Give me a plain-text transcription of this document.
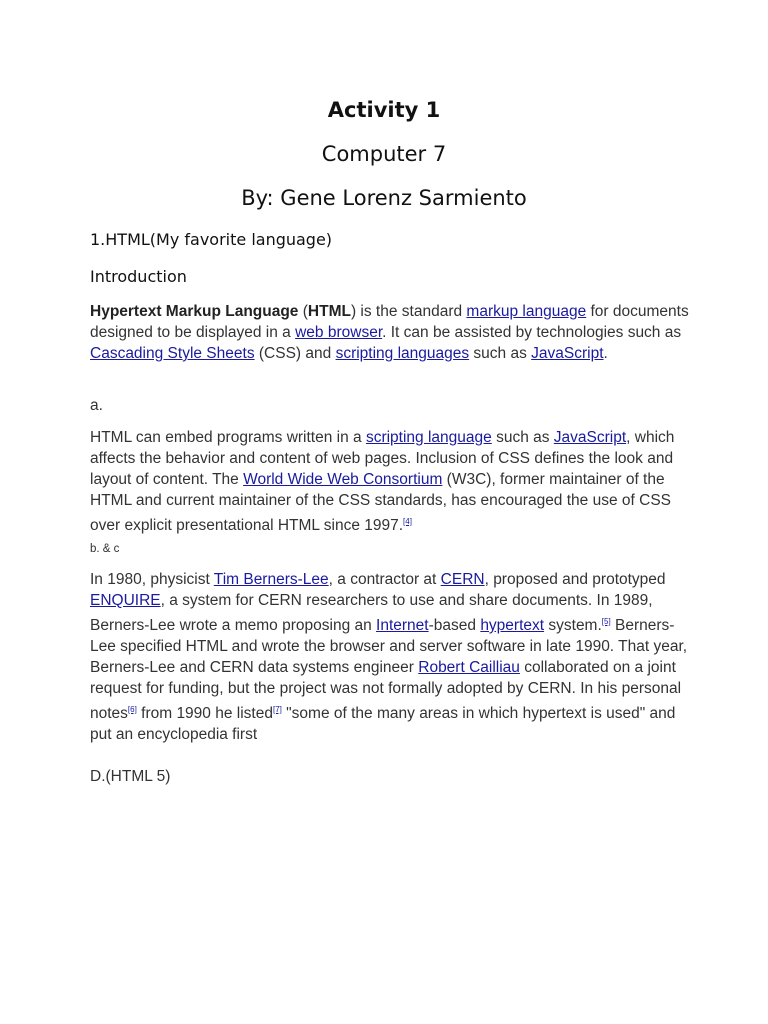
Activity 1
Computer 7
By: Gene Lorenz Sarmiento

1.HTML(My favorite language)

Introduction

Hypertext Markup Language (HTML) is the standard markup language for documents designed to be displayed in a web browser. It can be assisted by technologies such as Cascading Style Sheets (CSS) and scripting languages such as JavaScript.

a.

HTML can embed programs written in a scripting language such as JavaScript, which affects the behavior and content of web pages. Inclusion of CSS defines the look and layout of content. The World Wide Web Consortium (W3C), former maintainer of the HTML and current maintainer of the CSS standards, has encouraged the use of CSS over explicit presentational HTML since 1997.[4]

b. & c

In 1980, physicist Tim Berners-Lee, a contractor at CERN, proposed and prototyped ENQUIRE, a system for CERN researchers to use and share documents. In 1989, Berners-Lee wrote a memo proposing an Internet-based hypertext system.[5] Berners-Lee specified HTML and wrote the browser and server software in late 1990. That year, Berners-Lee and CERN data systems engineer Robert Cailliau collaborated on a joint request for funding, but the project was not formally adopted by CERN. In his personal notes[6] from 1990 he listed[7] "some of the many areas in which hypertext is used" and put an encyclopedia first

D.(HTML 5)
